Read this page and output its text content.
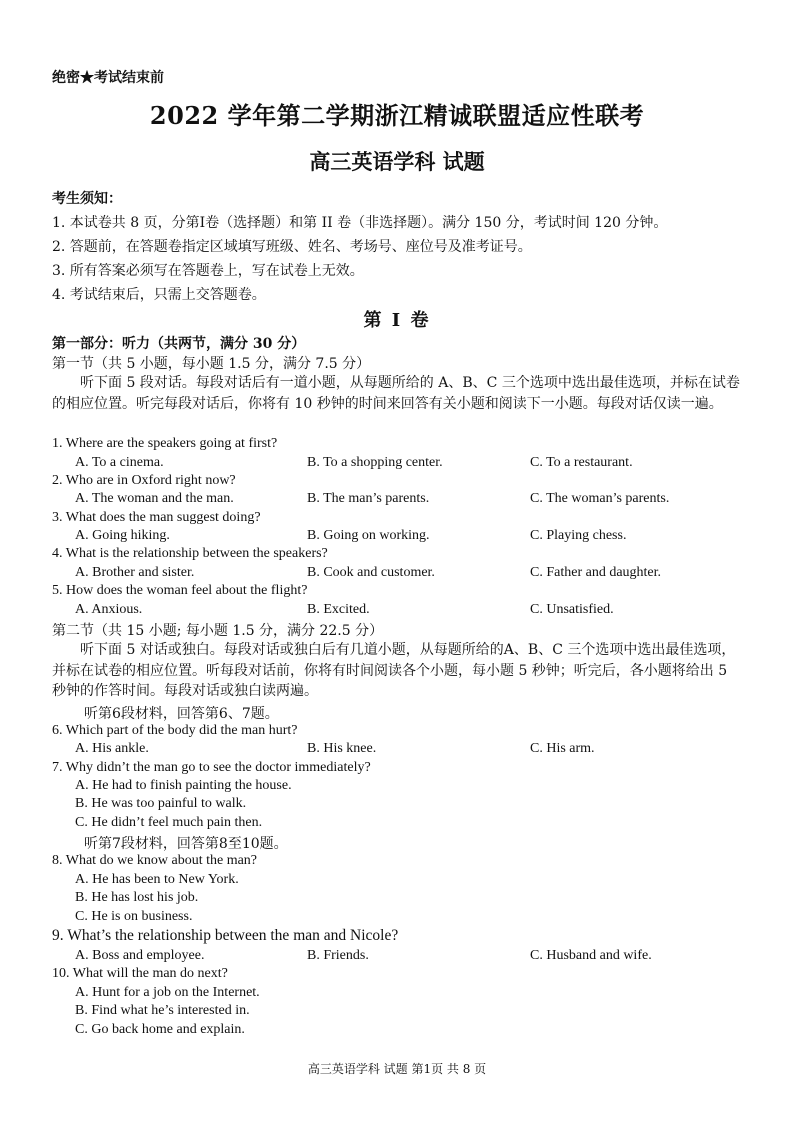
绝密★考试结束前
2022 学年第二学期浙江精诚联盟适应性联考
高三英语学科 试题
考生须知：
1. 本试卷共 8 页，分第Ⅰ卷（选择题）和第 II 卷（非选择题）。满分 150 分，考试时间 120 分钟。
2. 答题前，在答题卷指定区域填写班级、姓名、考场号、座位号及准考证号。
3. 所有答案必须写在答题卷上，写在试卷上无效。
4. 考试结束后，只需上交答题卷。
第 I 卷
第一部分：听力（共两节，满分 30 分）
第一节（共 5 小题，每小题 1.5 分，满分 7.5 分）
听下面 5 段对话。每段对话后有一道小题，从每题所给的 A、B、C 三个选项中选出最佳选项，并标在试卷的相应位置。听完每段对话后，你将有 10 秒钟的时间来回答有关小题和阅读下一小题。每段对话仅读一遍。
1. Where are the speakers going at first?
A. To a cinema.	B. To a shopping center.	C. To a restaurant.
2. Who are in Oxford right now?
A. The woman and the man.	B. The man’s parents.	C. The woman’s parents.
3. What does the man suggest doing?
A. Going hiking.	B. Going on working.	C. Playing chess.
4. What is the relationship between the speakers?
A. Brother and sister.	B. Cook and customer.	C. Father and daughter.
5. How does the woman feel about the flight?
A. Anxious.	B. Excited.	C. Unsatisfied.
第二节（共 15 小题; 每小题 1.5 分，满分 22.5 分）
听下面 5 对话或独白。每段对话或独白后有几道小题，从每题所给的A、B、C 三个选项中选出最佳选项，并标在试卷的相应位置。听每段对话前，你将有时间阅读各个小题，每小题 5 秒钟；听完后，各小题将给出 5 秒钟的作答时间。每段对话或独白读两遍。
听第6段材料，回答第6、7题。
6. Which part of the body did the man hurt?
A. His ankle.	B. His knee.	C. His arm.
7. Why didn’t the man go to see the doctor immediately?
A. He had to finish painting the house.
B. He was too painful to walk.
C. He didn’t feel much pain then.
听第7段材料，回答第8至10题。
8. What do we know about the man?
A. He has been to New York.
B. He has lost his job.
C. He is on business.
9. What’s the relationship between the man and Nicole?
A. Boss and employee.	B. Friends.	C. Husband and wife.
10. What will the man do next?
A. Hunt for a job on the Internet.
B. Find what he’s interested in.
C. Go back home and explain.
高三英语学科 试题 第1页 共 8 页
